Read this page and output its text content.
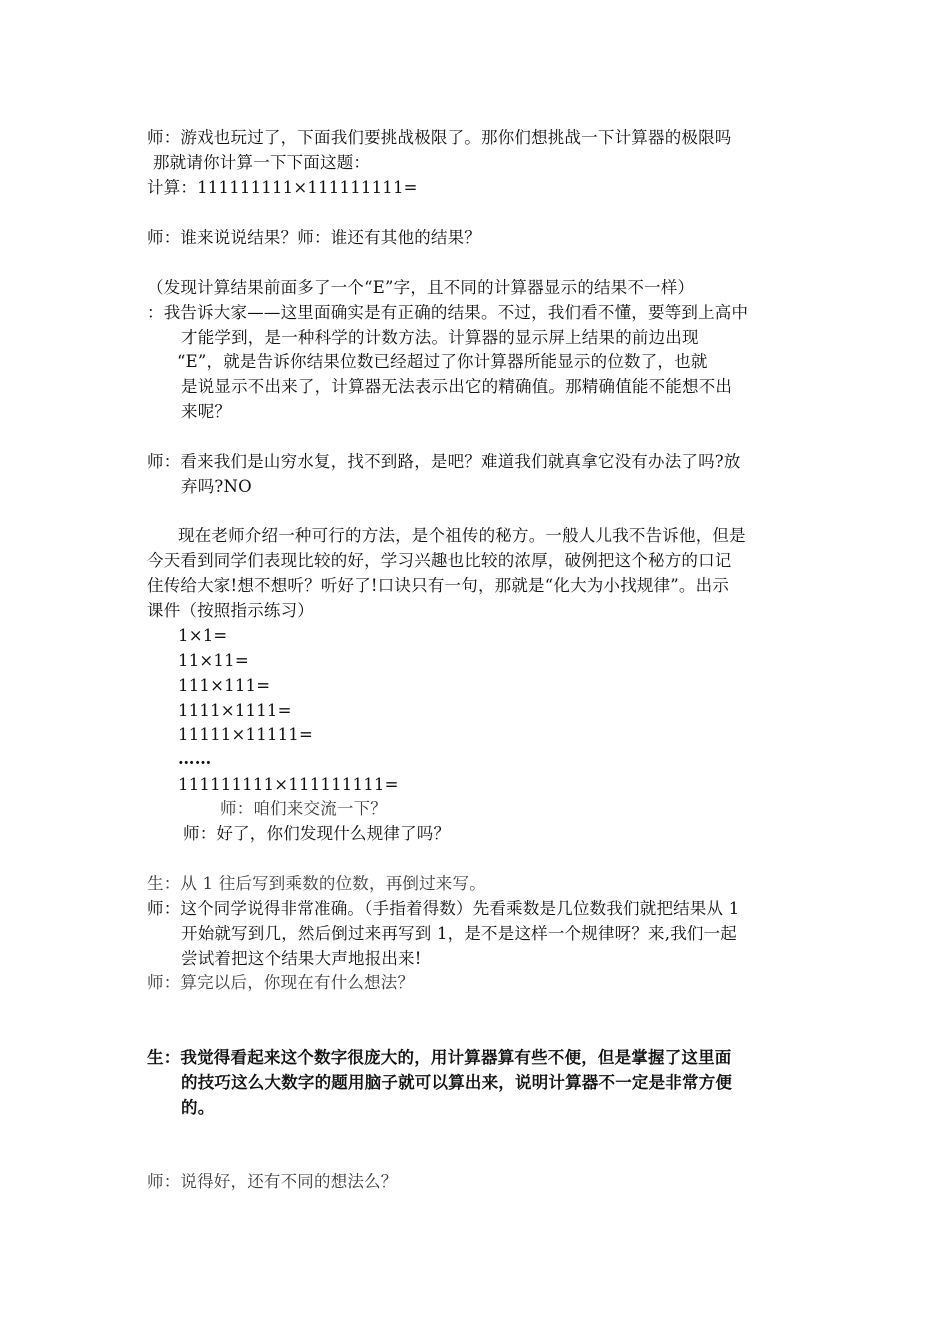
师：游戏也玩过了，下面我们要挑战极限了。那你们想挑战一下计算器的极限吗
那就请你计算一下下面这题：
计算：111111111×111111111=
师：谁来说说结果？师：谁还有其他的结果？
（发现计算结果前面多了一个“E”字，且不同的计算器显示的结果不一样）
：我告诉大家——这里面确实是有正确的结果。不过，我们看不懂，要等到上高中
才能学到，是一种科学的计数方法。计算器的显示屏上结果的前边出现
“E”，就是告诉你结果位数已经超过了你计算器所能显示的位数了，也就
是说显示不出来了，计算器无法表示出它的精确值。那精确值能不能想不出
来呢？
师：看来我们是山穷水复，找不到路，是吧？难道我们就真拿它没有办法了吗?放
弃吗?NO
现在老师介绍一种可行的方法，是个祖传的秘方。一般人儿我不告诉他，但是
今天看到同学们表现比较的好，学习兴趣也比较的浓厚，破例把这个秘方的口记
住传给大家!想不想听？听好了!口诀只有一句，那就是“化大为小找规律”。出示
课件（按照指示练习）
1×1=
11×11=
111×111=
1111×1111=
11111×11111=
……
111111111×111111111=
师：咱们来交流一下？
师：好了，你们发现什么规律了吗？
生：从 1 往后写到乘数的位数，再倒过来写。
师：这个同学说得非常准确。（手指着得数）先看乘数是几位数我们就把结果从 1
开始就写到几，然后倒过来再写到 1，是不是这样一个规律呀？来,我们一起
尝试着把这个结果大声地报出来!
师：算完以后，你现在有什么想法？
生：我觉得看起来这个数字很庞大的，用计算器算有些不便，但是掌握了这里面
的技巧这么大数字的题用脑子就可以算出来，说明计算器不一定是非常方便
的。
师：说得好，还有不同的想法么？
